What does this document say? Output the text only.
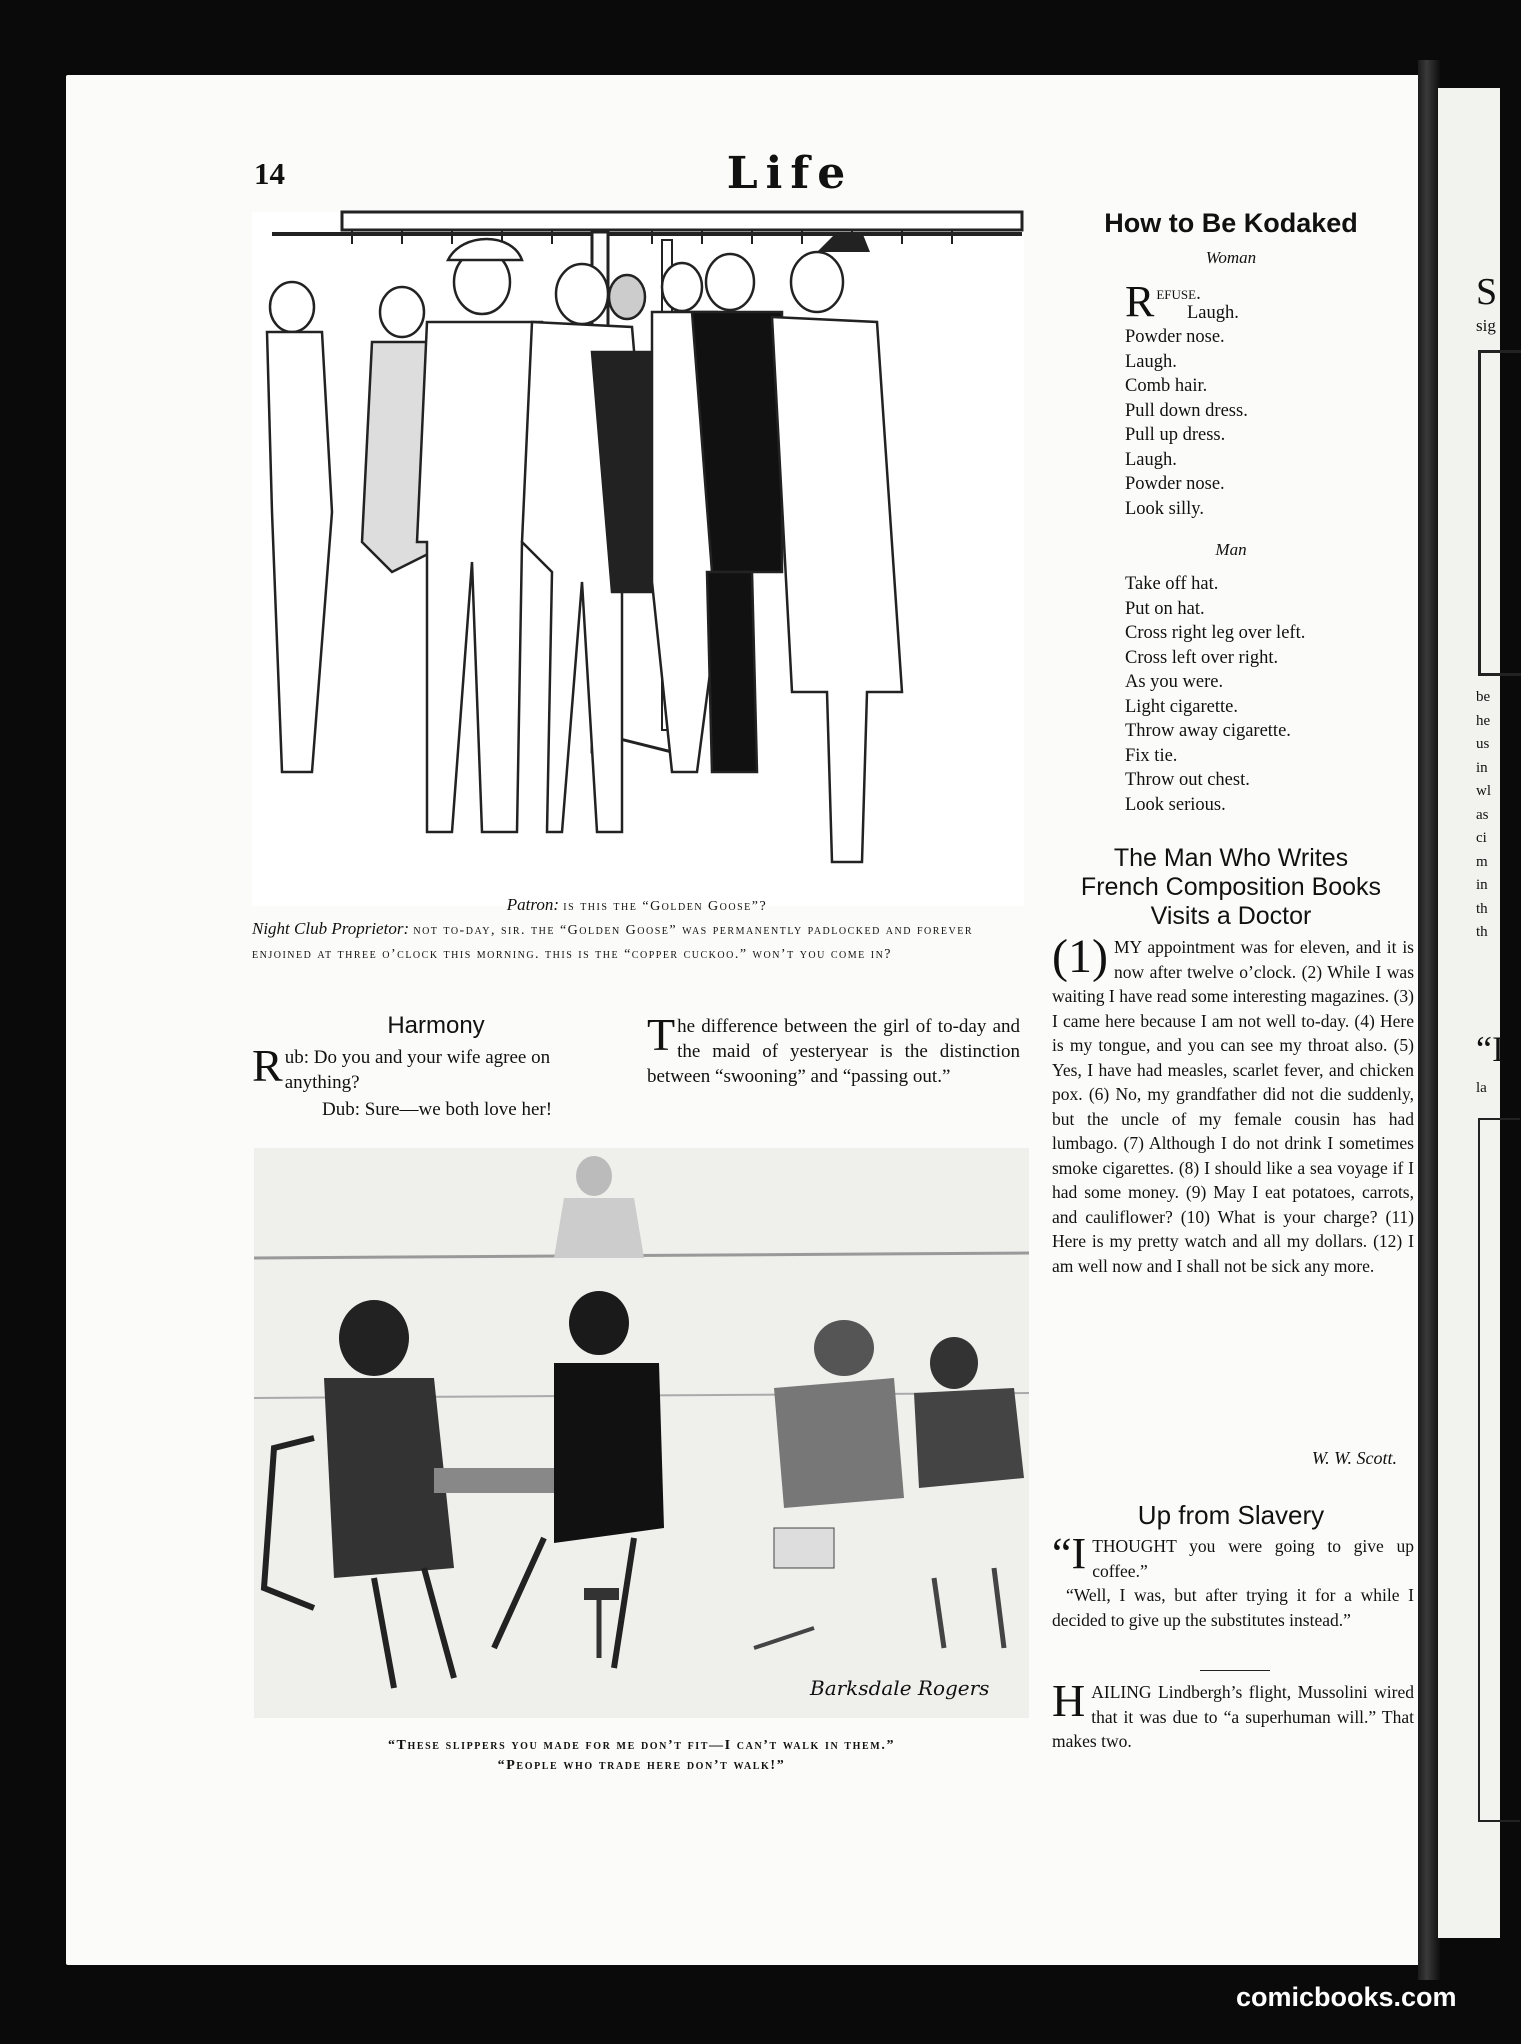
S
sig
be
he
us
in
wl
as
ci
m
in
th
th
“I
la
14	Life
Patron: is this the “Golden Goose”?
Night Club Proprietor: not to-day, sir. the “Golden Goose” was permanently padlocked and forever enjoined at three o’clock this morning. this is the “copper cuckoo.” won’t you come in?
Harmony
R ub: Do you and your wife agree on anything?
Dub: Sure—we both love her!
T he difference between the girl of to-day and the maid of yesteryear is the distinction between “swooning” and “passing out.”
“These slippers you made for me don’t fit—I can’t walk in them.”
“People who trade here don’t walk!”
Barksdale Rogers
How to Be Kodaked
Woman
Refuse.
Laugh.
Powder nose.
Laugh.
Comb hair.
Pull down dress.
Pull up dress.
Laugh.
Powder nose.
Look silly.
Man
Take off hat.
Put on hat.
Cross right leg over left.
Cross left over right.
As you were.
Light cigarette.
Throw away cigarette.
Fix tie.
Throw out chest.
Look serious.
The Man Who Writes
French Composition Books
Visits a Doctor
(1) MY appointment was for eleven, and it is now after twelve o’clock. (2) While I was waiting I have read some interesting magazines. (3) I came here because I am not well to-day. (4) Here is my tongue, and you can see my throat also. (5) Yes, I have had measles, scarlet fever, and chicken pox. (6) No, my grandfather did not die suddenly, but the uncle of my female cousin has had lumbago. (7) Although I do not drink I sometimes smoke cigarettes. (8) I should like a sea voyage if I had some money. (9) May I eat potatoes, carrots, and cauliflower? (10) What is your charge? (11) Here is my pretty watch and all my dollars. (12) I am well now and I shall not be sick any more.
W. W. Scott.
Up from Slavery
“I THOUGHT you were going to give up coffee.”

“Well, I was, but after trying it for a while I decided to give up the substitutes instead.”

H AILING Lindbergh’s flight, Mussolini wired that it was due to “a superhuman will.” That makes two.
comicbooks.com
